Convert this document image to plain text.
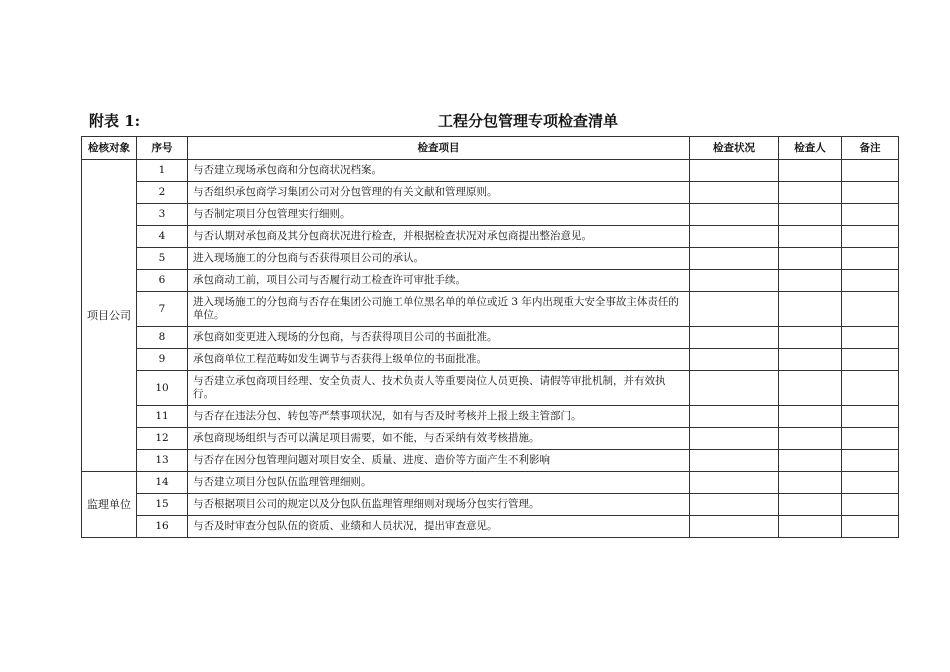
附表 1:	工程分包管理专项检查清单
检核对象	序号	检查项目	检查状况	检查人	备注
项目公司	1	与否建立现场承包商和分包商状况档案。			
	2	与否组织承包商学习集团公司对分包管理的有关文献和管理原则。			
	3	与否制定项目分包管理实行细则。			
	4	与否认期对承包商及其分包商状况进行检查，并根据检查状况对承包商提出整治意见。			
	5	进入现场施工的分包商与否获得项目公司的承认。			
	6	承包商动工前，项目公司与否履行动工检查许可审批手续。			
	7	进入现场施工的分包商与否存在集团公司施工单位黑名单的单位或近 3 年内出现重大安全事故主体责任的单位。			
	8	承包商如变更进入现场的分包商，与否获得项目公司的书面批准。			
	9	承包商单位工程范畴如发生调节与否获得上级单位的书面批准。			
	10	与否建立承包商项目经理、安全负责人、技术负责人等重要岗位人员更换、请假等审批机制，并有效执行。			
	11	与否存在违法分包、转包等严禁事项状况，如有与否及时考核并上报上级主管部门。			
	12	承包商现场组织与否可以满足项目需要，如不能，与否采纳有效考核措施。			
	13	与否存在因分包管理问题对项目安全、质量、进度、造价等方面产生不利影响			
监理单位	14	与否建立项目分包队伍监理管理细则。			
	15	与否根据项目公司的规定以及分包队伍监理管理细则对现场分包实行管理。			
	16	与否及时审查分包队伍的资质、业绩和人员状况，提出审查意见。			
